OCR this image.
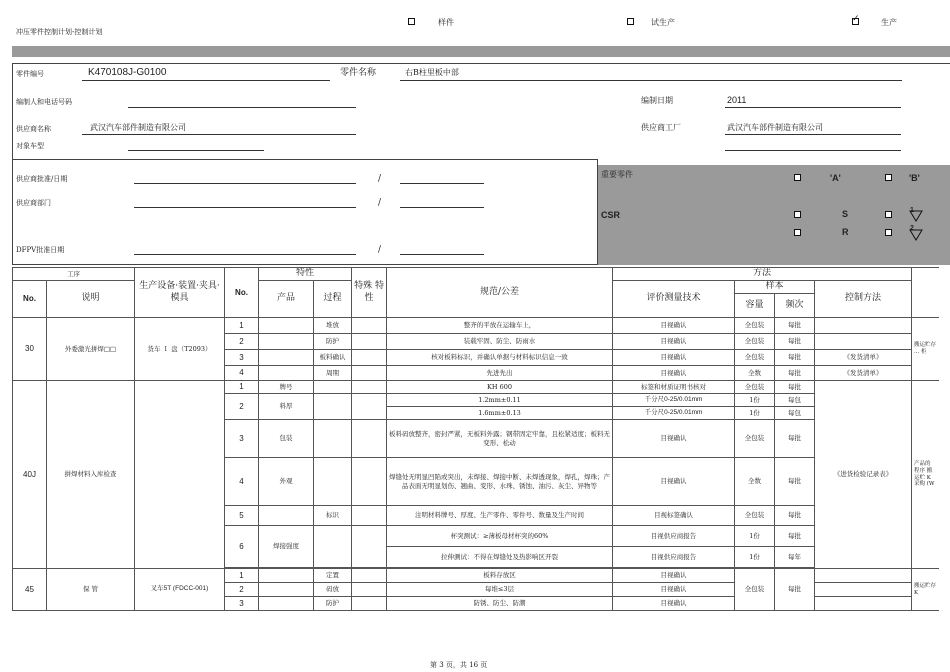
冲压零件控制计划-控制计划
样件	试生产 ✓	生产
零件编号	K470108J-G0100	零件名称	右B柱里板中部
编制人和电话号码	编制日期	2011
供应商名称	武汉汽车部件制造有限公司	供应商工厂	武汉汽车部件制造有限公司
对象车型
供应商批准/日期	/
供应商部门	/
DFPV批准日期	/
重要零件
CSR
'A'	'B'
S	1
R	2
工序		生产设备·装置·夹具·模具	No.	特性		特殊 特性	规范/公差	方法				
No.	说明			产品	过程			评价测量技术	样本		控制方法	
									容量	频次		
30	外委激光拼焊□□	货车 Ｉ 盘（T2093）	1		堆放		整齐的平放在运输车上，	目视确认	全包装	每批		搬运贮存 ... 柜
			2		防护		装载牢固、防尘、防雨水	目视确认	全包装	每批		
			3		板料确认		核对板料标识，并确认单据与材料标识信息一致	目视确认	全包装	每批	《发货清单》	
			4		周期		先进先出	目视确认	全数	每批	《发货清单》	
40J	拼焊材料入库检查		1	牌号			KH 600	标签和材质证明书核对	全包装	每批	《进货检验记录表》	产品的 程序 搬运贮 K 采购 (W
			2	料厚			1.2mm±0.11	千分尺0-25/0.01mm	1份	每包		
							1.6mm±0.13	千分尺0-25/0.01mm	1份	每包		
			3	包装			板料码放整齐，密封严紧，无板料外露；钢带固定牢靠，且松紧适度；板料无变形、松动	目视确认	全包装	每批		
			4	外观			焊缝处无明显凹陷或突出，未焊接、焊接中断、未焊透现象，焊孔，焊珠；产品表面无明显划伤、翘曲、变形、水珠、锈蚀、油污、灰尘、异物等	目视确认	全数	每批		
			5		标识		注明材料牌号、厚度、生产零件、零件号、数量及生产时间	目视标签确认	全包装	每批		
			6	焊接强度			杯突测试：≥薄板母材杯突的60%	目视供应商报告	1份	每批		
							拉伸测试：不得在焊缝处及热影响区开裂	目视供应商报告	1份	每年		

45	保 管	叉车5T (FDCC-001)	1		定置		板料存放区	目视确认	全包装	每批		搬运贮存 K
			2		码放		每堆≤3层	目视确认				
			3		防护		防锈、防尘、防潮	目视确认				
第 3 页，共 16 页
